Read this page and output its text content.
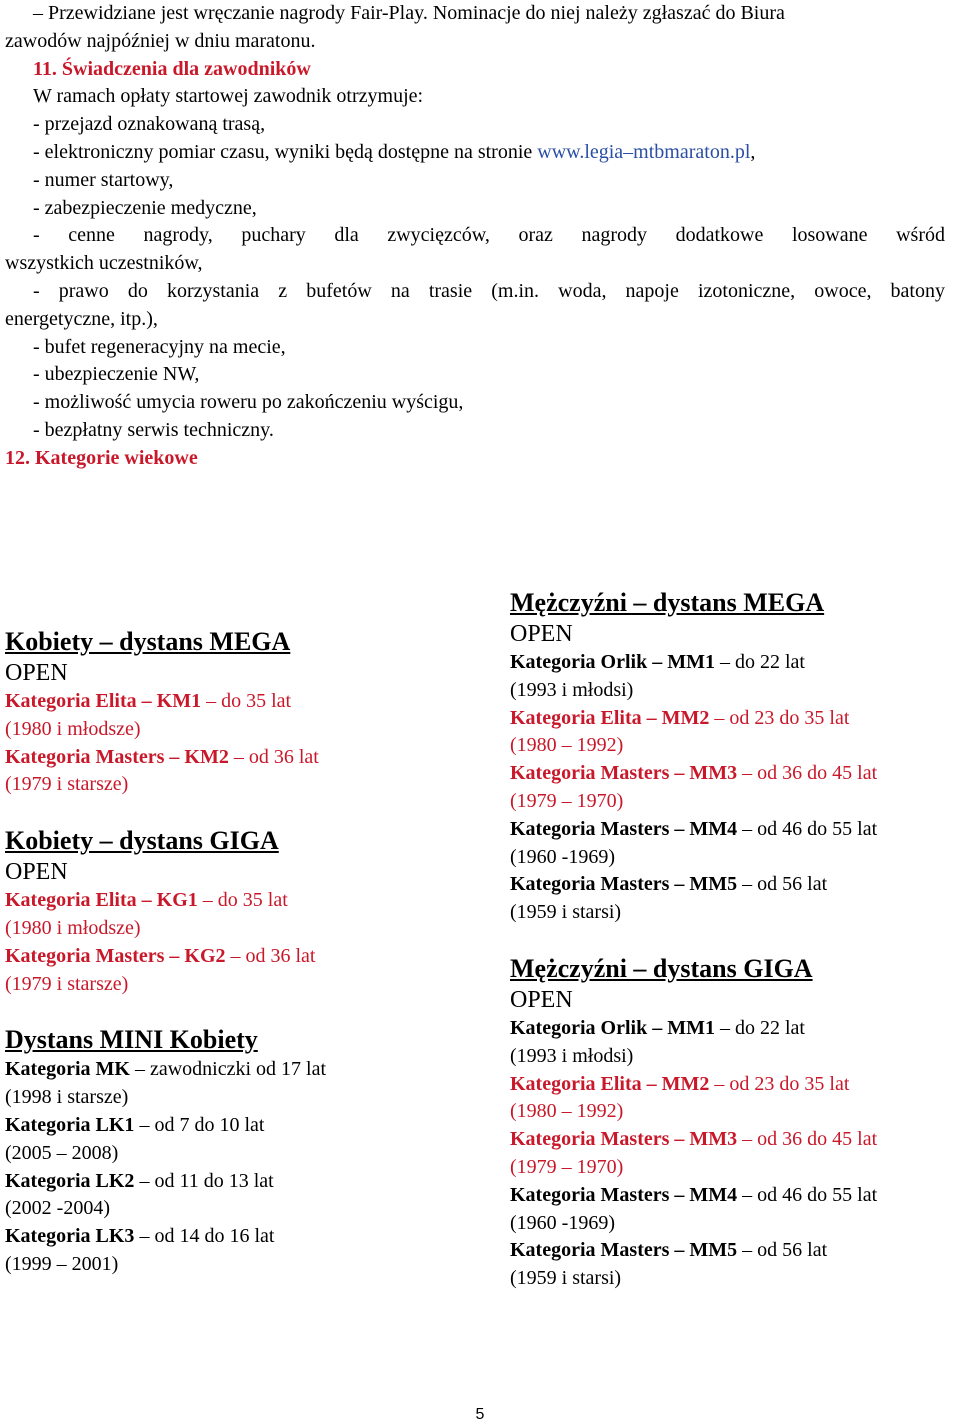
– Przewidziane jest wręczanie nagrody Fair-Play. Nominacje do niej należy zgłaszać do Biura

zawodów najpóźniej w dniu maratonu.

11. Świadczenia dla zawodników

W ramach opłaty startowej zawodnik otrzymuje:

- przejazd oznakowaną trasą,

- elektroniczny pomiar czasu, wyniki będą dostępne na stronie www.legia–mtbmaraton.pl,

- numer startowy,

- zabezpieczenie medyczne,

- cenne nagrody, puchary dla zwycięzców, oraz nagrody dodatkowe losowane wśród

wszystkich uczestników,

- prawo do korzystania z bufetów na trasie (m.in. woda, napoje izotoniczne, owoce, batony

energetyczne, itp.),

- bufet regeneracyjny na mecie,

- ubezpieczenie NW,

- możliwość umycia roweru po zakończeniu wyścigu,

- bezpłatny serwis techniczny.

12. Kategorie wiekowe

Kobiety – dystans MEGA

OPEN

Kategoria Elita – KM1 – do 35 lat

(1980 i młodsze)

Kategoria Masters – KM2 – od 36 lat

(1979 i starsze)

Kobiety – dystans GIGA

OPEN

Kategoria Elita – KG1 – do 35 lat

(1980 i młodsze)

Kategoria Masters – KG2 – od 36 lat

(1979 i starsze)

Dystans MINI Kobiety

Kategoria MK – zawodniczki od 17 lat

(1998 i starsze)

Kategoria LK1 – od 7 do 10 lat

(2005 – 2008)

Kategoria LK2 – od 11 do 13 lat

(2002 -2004)

Kategoria LK3 – od 14 do 16 lat

(1999 – 2001)

Mężczyźni – dystans MEGA

OPEN

Kategoria Orlik – MM1 – do 22 lat

(1993 i młodsi)

Kategoria Elita – MM2 – od 23 do 35 lat

(1980 – 1992)

Kategoria Masters – MM3 – od 36 do 45 lat

(1979 – 1970)

Kategoria Masters – MM4 – od 46 do 55 lat

(1960 -1969)

Kategoria Masters – MM5 – od 56 lat

(1959 i starsi)

Mężczyźni – dystans GIGA

OPEN

Kategoria Orlik – MM1 – do 22 lat

(1993 i młodsi)

Kategoria Elita – MM2 – od 23 do 35 lat

(1980 – 1992)

Kategoria Masters – MM3 – od 36 do 45 lat

(1979 – 1970)

Kategoria Masters – MM4 – od 46 do 55 lat

(1960 -1969)

Kategoria Masters – MM5 – od 56 lat

(1959 i starsi)

5
